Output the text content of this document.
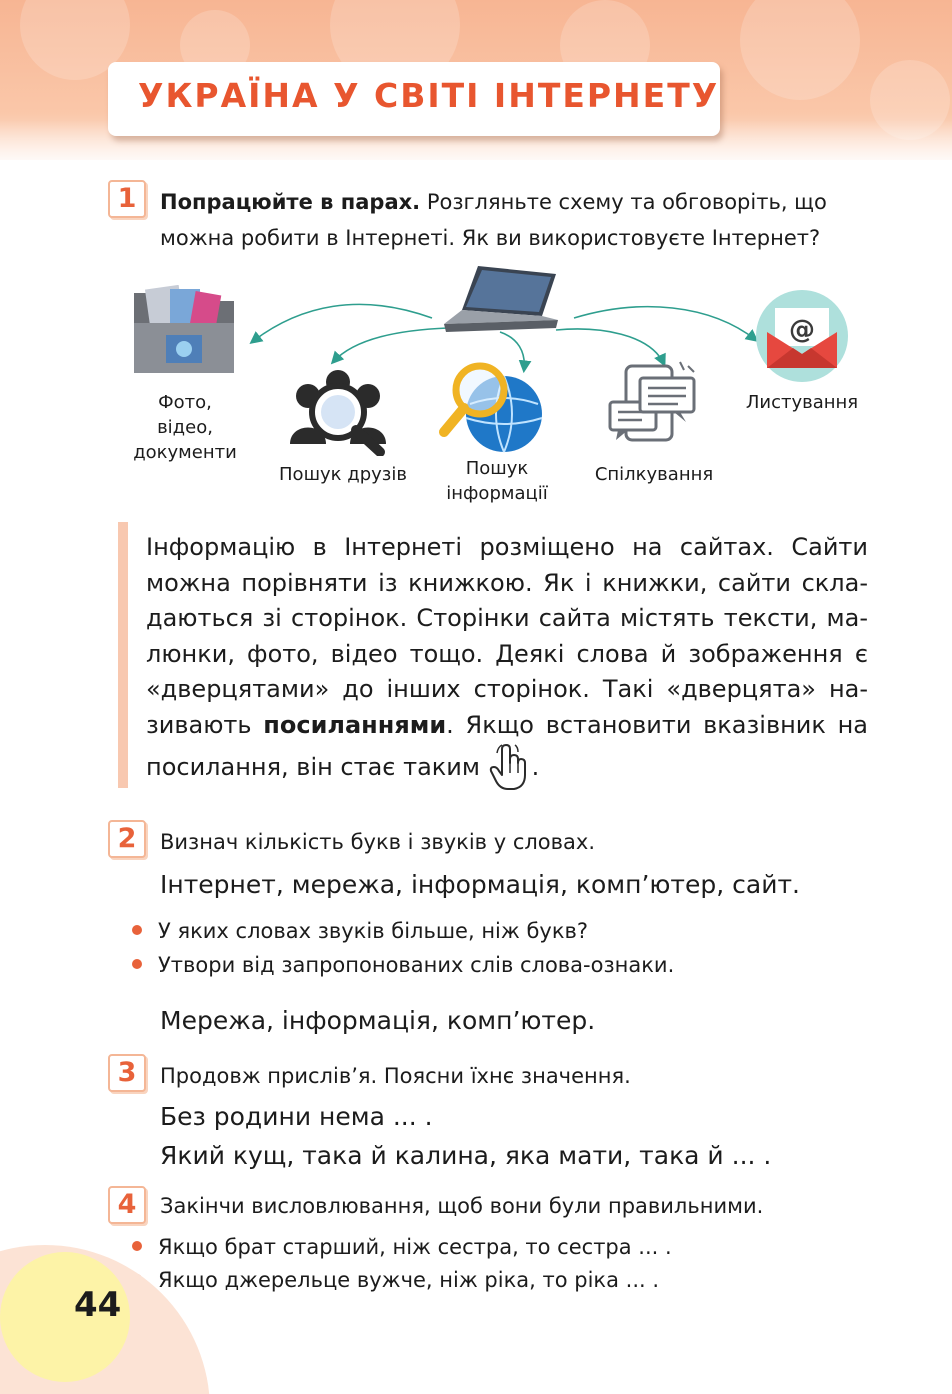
УКРАЇНА У СВІТІ ІНТЕРНЕТУ
1	Попрацюйте в парах. Розгляньте схему та обговоріть, що
можна робити в Інтернеті. Як ви використовуєте Інтернет?
Фото,
відео,
документи
Пошук друзів	Пошук
інформації
Спілкування
@
Листування
Інформацію в Інтернеті розміщено на сайтах. Сайти можна порівняти із книжкою. Як і книжки, сайти скла-даються зі сторінок. Сторінки сайта містять тексти, ма-люнки, фото, відео тощо. Деякі слова й зображення є «дверцятами» до інших сторінок. Такі «дверцята» на-зивають посиланнями. Якщо встановити вказівник на посилання, він стає таким .
2	Визнач кількість букв і звуків у словах.
Інтернет, мережа, інформація, комп’ютер, сайт.
У яких словах звуків більше, ніж букв?
Утвори від запропонованих слів слова-ознаки.
Мережа, інформація, комп’ютер.
3	Продовж прислів’я. Поясни їхнє значення.
Без родини нема ... .
Який кущ, така й калина, яка мати, така й ... .
4	Закінчи висловлювання, щоб вони були правильними.
Якщо брат старший, ніж сестра, то сестра ... .
Якщо джерельце вужче, ніж ріка, то ріка ... .
44
